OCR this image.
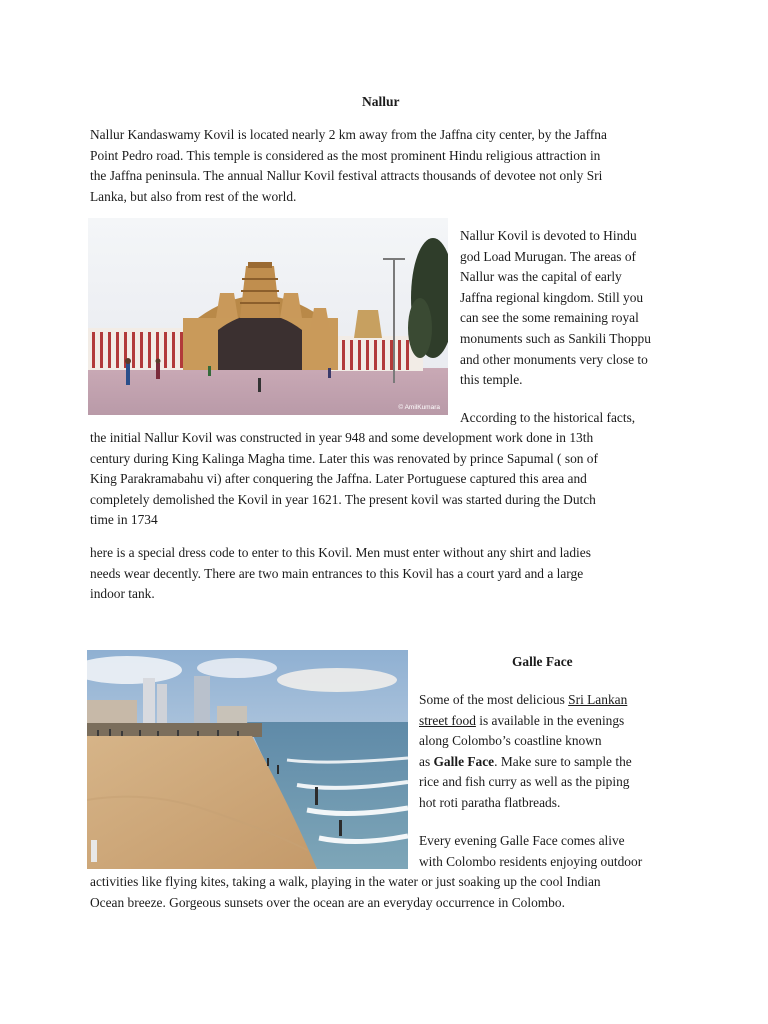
Nallur
Nallur Kandaswamy Kovil is located nearly 2 km away from the Jaffna city center, by the Jaffna
Point Pedro road. This temple is considered as the most prominent Hindu religious attraction in
the Jaffna peninsula. The annual Nallur Kovil festival attracts thousands of devotee not only Sri
Lanka, but also from rest of the world.
© AmilKumara
Nallur Kovil is devoted to Hindu
god Load Murugan. The areas of
Nallur was the capital of early
Jaffna regional kingdom. Still you
can see the some remaining royal
monuments such as Sankili Thoppu
and other monuments very close to
this temple.
According to the historical facts,
the initial Nallur Kovil was constructed in year 948 and some development work done in 13th
century during King Kalinga Magha time. Later this was renovated by prince Sapumal ( son of
King Parakramabahu vi) after conquering the Jaffna. Later Portuguese captured this area and
completely demolished the Kovil in year 1621. The present kovil was started during the Dutch
time in 1734
here is a special dress code to enter to this Kovil. Men must enter without any shirt and ladies
needs wear decently. There are two main entrances to this Kovil has a court yard and a large
indoor tank.
Galle Face
Some of the most delicious Sri Lankan
street food is available in the evenings
along Colombo’s coastline known
as Galle Face. Make sure to sample the
rice and fish curry as well as the piping
hot roti paratha flatbreads.
Every evening Galle Face comes alive
with Colombo residents enjoying outdoor
activities like flying kites, taking a walk, playing in the water or just soaking up the cool Indian
Ocean breeze. Gorgeous sunsets over the ocean are an everyday occurrence in Colombo.
